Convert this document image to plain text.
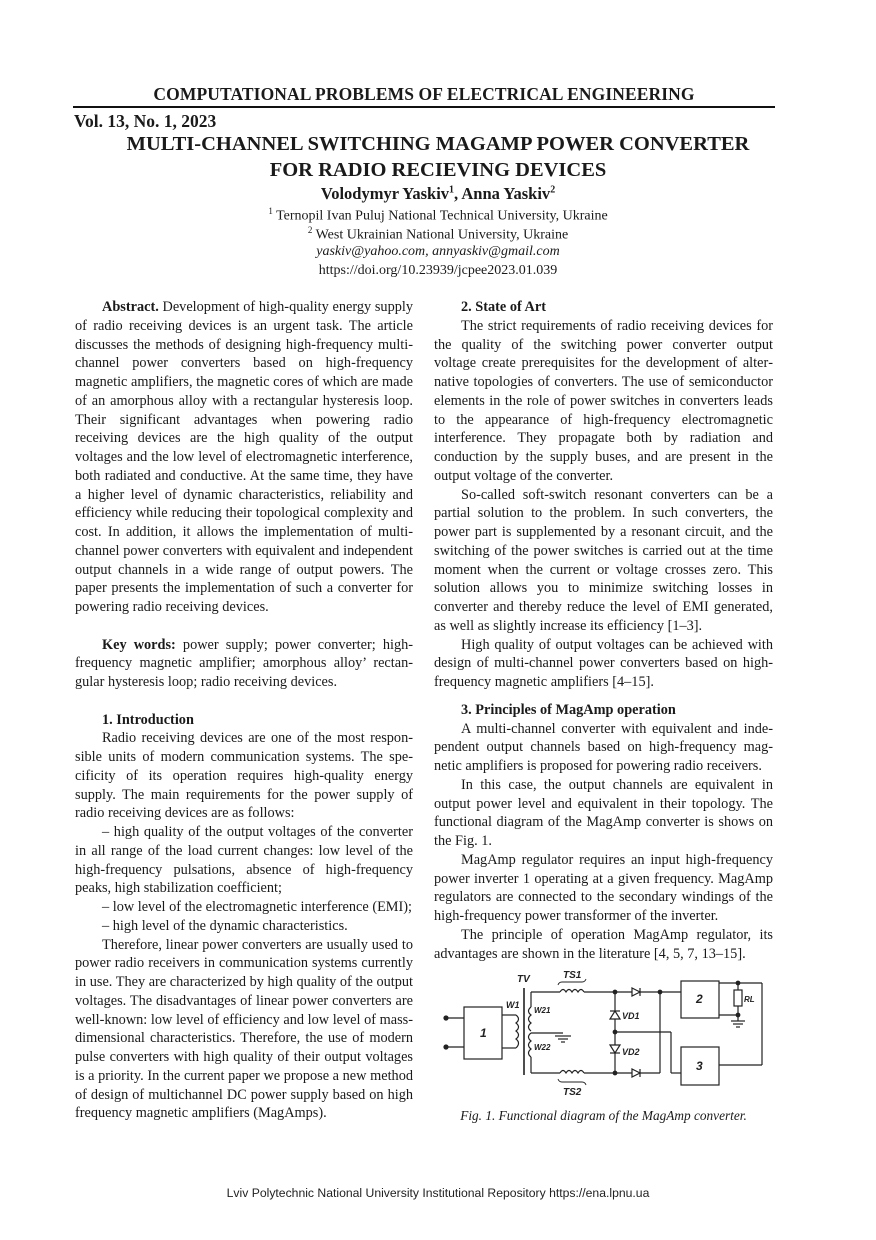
COMPUTATIONAL PROBLEMS OF ELECTRICAL ENGINEERING
Vol. 13, No. 1, 2023
MULTI-CHANNEL SWITCHING MAGAMP POWER CONVERTER
FOR RADIO RECIEVING DEVICES
Volodymyr Yaskiv$^1$, Anna Yaskiv$^2$
$^1$ Ternopil Ivan Puluj National Technical University, Ukraine
$^2$ West Ukrainian National University, Ukraine
yaskiv@yahoo.com, annyaskiv@gmail.com
https://doi.org/10.23939/jcpee2023.01.039

Abstract. Development of high-quality energy supply of radio receiving devices is an urgent task. The article discusses the methods of designing high-frequency multi-channel power converters based on high-frequency magnetic amplifiers, the magnetic cores of which are made of an amorphous alloy with a rectangular hysteresis loop. Their significant advantages when powering radio receiving devices are the high quality of the output voltages and the low level of electromagnetic interference, both radiated and conductive. At the same time, they have a higher level of dynamic characteristics, reliability and efficiency while reducing their topological complexity and cost. In addition, it allows the implementation of multi-channel power converters with equivalent and independent output channels in a wide range of output powers. The paper presents the implementation of such a converter for powering radio receiving devices.

Key words: power supply; power converter; high-frequency magnetic amplifier; amorphous alloy’ rectangular hysteresis loop; radio receiving devices.

1. Introduction

Radio receiving devices are one of the most responsible units of modern communication systems. The specificity of its operation requires high-quality energy supply. The main requirements for the power supply of radio receiving devices are as follows:

– high quality of the output voltages of the converter in all range of the load current changes: low level of the high-frequency pulsations, absence of high-frequency peaks, high stabilization coefficient;

– low level of the electromagnetic interference (EMI);

– high level of the dynamic characteristics.

Therefore, linear power converters are usually used to power radio receivers in communication systems currently in use. They are characterized by high quality of the output voltages. The disadvantages of linear power converters are well-known: low level of efficiency and low level of mass-dimensional characteristics. Therefore, the use of modern pulse converters with high quality of their output voltages is a priority. In the current paper we propose a new method of design of multichannel DC power supply based on high frequency magnetic amplifiers (MagAmps).

2. State of Art

The strict requirements of radio receiving devices for the quality of the switching power converter output voltage create prerequisites for the development of alternative topologies of converters. The use of semiconductor elements in the role of power switches in converters leads to the appearance of high-frequency electromagnetic interference. They propagate both by radiation and conduction by the supply buses, and are present in the output voltage of the converter.

So-called soft-switch resonant converters can be a partial solution to the problem. In such converters, the power part is supplemented by a resonant circuit, and the switching of the power switches is carried out at the time moment when the current or voltage crosses zero. This solution allows you to minimize switching losses in converter and thereby reduce the level of EMI generated, as well as slightly increase its efficiency [1–3].

High quality of output voltages can be achieved with design of multi-channel power converters based on high-frequency magnetic amplifiers [4–15].

3. Principles of MagAmp operation

A multi-channel converter with equivalent and independent output channels based on high-frequency magnetic amplifiers is proposed for powering radio receivers.

In this case, the output channels are equivalent in output power level and equivalent in their topology. The functional diagram of the MagAmp converter is shows on the Fig. 1.

MagAmp regulator requires an input high-frequency power inverter 1 operating at a given frequency. MagAmp regulators are connected to the secondary windings of the high-frequency power transformer of the inverter.

The principle of operation MagAmp regulator, its advantages are shown in the literature [4, 5, 7, 13–15].

TV	TS1
TS2
W1
W21
W22
VD1
VD2
RL
1
2
3
Fig. 1. Functional diagram of the MagAmp converter.
Lviv Polytechnic National University Institutional Repository https://ena.lpnu.ua
